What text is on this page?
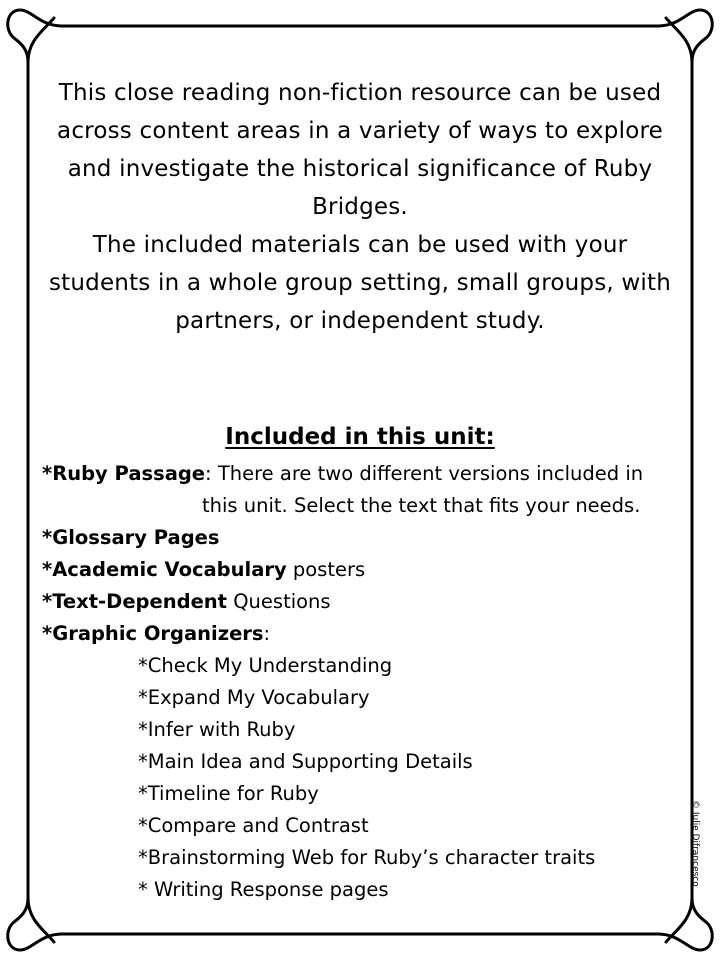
This close reading non-fiction resource can be used across content areas in a variety of ways to explore and investigate the historical significance of Ruby Bridges.

The included materials can be used with your students in a whole group setting, small groups, with partners, or independent study.

Included in this unit:
*Ruby Passage: There are two different versions included in
this unit. Select the text that fits your needs.
*Glossary Pages
*Academic Vocabulary posters
*Text-Dependent Questions
*Graphic Organizers:
*Check My Understanding
*Expand My Vocabulary
*Infer with Ruby
*Main Idea and Supporting Details
*Timeline for Ruby
*Compare and Contrast
*Brainstorming Web for Ruby’s character traits
* Writing Response pages
© Julie Difrancesco
